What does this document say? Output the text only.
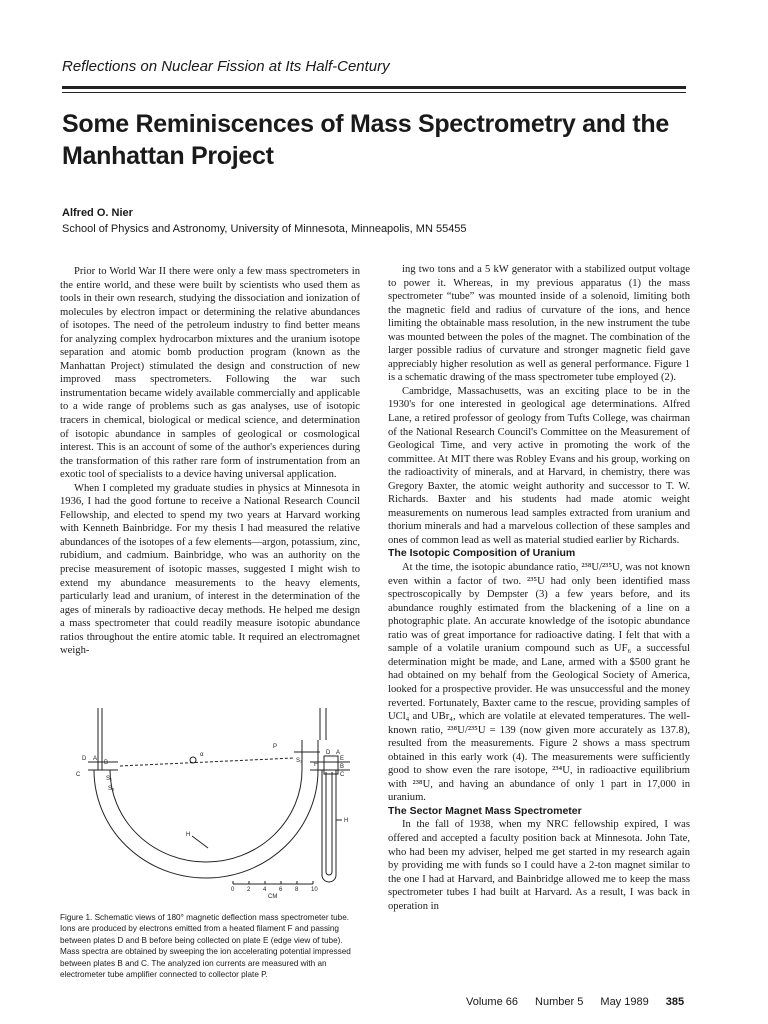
Reflections on Nuclear Fission at Its Half-Century
Some Reminiscences of Mass Spectrometry and the Manhattan Project
Alfred O. Nier
School of Physics and Astronomy, University of Minnesota, Minneapolis, MN 55455

Prior to World War II there were only a few mass spectrometers in the entire world, and these were built by scientists who used them as tools in their own research, studying the dissociation and ionization of molecules by electron impact or determining the relative abundances of isotopes. The need of the petroleum industry to find better means for analyzing complex hydrocarbon mixtures and the uranium isotope separation and atomic bomb production program (known as the Manhattan Project) stimulated the design and construction of new improved mass spectrometers. Following the war such instrumentation became widely available commercially and applicable to a wide range of problems such as gas analyses, use of isotopic tracers in chemical, biological or medical science, and determination of isotopic abundance in samples of geological or cosmological interest. This is an account of some of the author's experiences during the transformation of this rather rare form of instrumentation from an exotic tool of specialists to a device having universal application.

When I completed my graduate studies in physics at Minnesota in 1936, I had the good fortune to receive a National Research Council Fellowship, and elected to spend my two years at Harvard working with Kenneth Bainbridge. For my thesis I had measured the relative abundances of the isotopes of a few elements—argon, potassium, zinc, rubidium, and cadmium. Bainbridge, who was an authority on the precise measurement of isotopic masses, suggested I might wish to extend my abundance measurements to the heavy elements, particularly lead and uranium, of interest in the determination of the ages of minerals by radioactive decay methods. He helped me design a mass spectrometer that could readily measure isotopic abundance ratios throughout the entire atomic table. It required an electromagnet weigh-

ing two tons and a 5 kW generator with a stabilized output voltage to power it. Whereas, in my previous apparatus (1) the mass spectrometer “tube” was mounted inside of a solenoid, limiting both the magnetic field and radius of curvature of the ions, and hence limiting the obtainable mass resolution, in the new instrument the tube was mounted between the poles of the magnet. The combination of the larger possible radius of curvature and stronger magnetic field gave appreciably higher resolution as well as general performance. Figure 1 is a schematic drawing of the mass spectrometer tube employed (2).

Cambridge, Massachusetts, was an exciting place to be in the 1930's for one interested in geological age determinations. Alfred Lane, a retired professor of geology from Tufts College, was chairman of the National Research Council's Committee on the Measurement of Geological Time, and very active in promoting the work of the committee. At MIT there was Robley Evans and his group, working on the radioactivity of minerals, and at Harvard, in chemistry, there was Gregory Baxter, the atomic weight authority and successor to T. W. Richards. Baxter and his students had made atomic weight measurements on numerous lead samples extracted from uranium and thorium minerals and had a marvelous collection of these samples and ones of common lead as well as material studied earlier by Richards.

The Isotopic Composition of Uranium

At the time, the isotopic abundance ratio, ²³⁸U/²³⁵U, was not known even within a factor of two. ²³⁵U had only been identified mass spectroscopically by Dempster (3) a few years before, and its abundance roughly estimated from the blackening of a line on a photographic plate. An accurate knowledge of the isotopic abundance ratio was of great importance for radioactive dating. I felt that with a sample of a volatile uranium compound such as UF₆ a successful determination might be made, and Lane, armed with a $500 grant he had obtained on my behalf from the Geological Society of America, looked for a prospective provider. He was unsuccessful and the money reverted. Fortunately, Baxter came to the rescue, providing samples of UCl₄ and UBr₄, which are volatile at elevated temperatures. The well-known ratio, ²³⁸U/²³⁵U = 139 (now given more accurately as 137.8), resulted from the measurements. Figure 2 shows a mass spectrum obtained in this early work (4). The measurements were sufficiently good to show even the rare isotope, ²³⁴U, in radioactive equilibrium with ²³⁸U, and having an abundance of only 1 part in 17,000 in uranium.

The Sector Magnet Mass Spectrometer

In the fall of 1938, when my NRC fellowship expired, I was offered and accepted a faculty position back at Minnesota. John Tate, who had been my adviser, helped me get started in my research again by providing me with funds so I could have a 2-ton magnet similar to the one I had at Harvard, and Bainbridge allowed me to keep the mass spectrometer tubes I had built at Harvard. As a result, I was back in operation in

0 2 4 6 8 10
C
D A
B
S₁
S₃
α
P
S₂
H
F
D A
E
B
C
H
CM

Figure 1. Schematic views of 180° magnetic deflection mass spectrometer tube. Ions are produced by electrons emitted from a heated filament F and passing between plates D and B before being collected on plate E (edge view of tube). Mass spectra are obtained by sweeping the ion accelerating potential impressed between plates B and C. The analyzed ion currents are measured with an electrometer tube amplifier connected to collector plate P.

Volume 66 Number 5 May 1989 385
